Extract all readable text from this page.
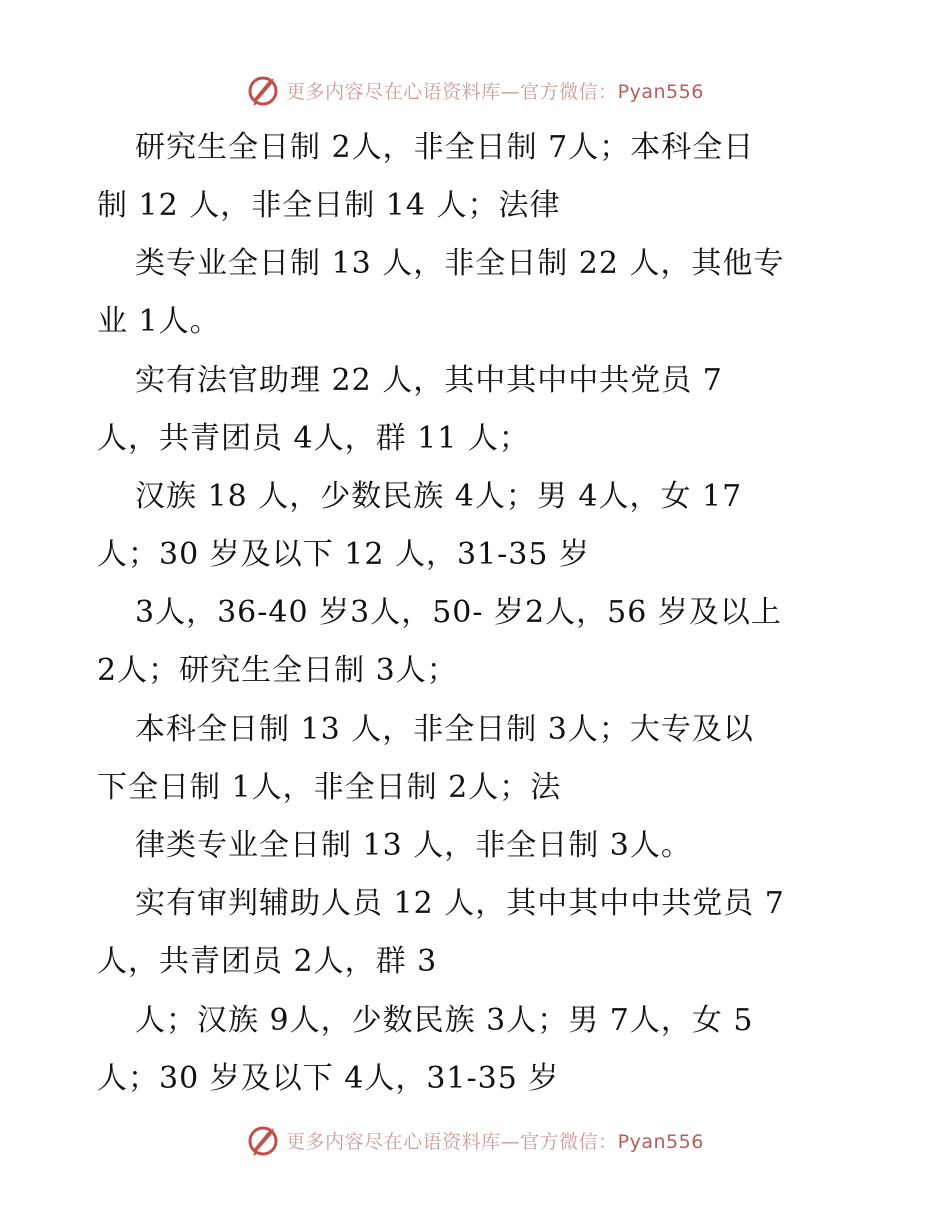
更多内容尽在心语资料库—官方微信：Pyan556
研究生全日制 2人，非全日制 7人；本科全日
制 12 人，非全日制 14 人；法律
类专业全日制 13 人，非全日制 22 人，其他专
业 1人。
实有法官助理 22 人，其中其中中共党员 7
人，共青团员 4人，群 11 人；
汉族 18 人，少数民族 4人；男 4人，女 17
人；30 岁及以下 12 人，31-35 岁
3人，36-40 岁3人，50- 岁2人，56 岁及以上
2人；研究生全日制 3人；
本科全日制 13 人，非全日制 3人；大专及以
下全日制 1人，非全日制 2人；法
律类专业全日制 13 人，非全日制 3人。
实有审判辅助人员 12 人，其中其中中共党员 7
人，共青团员 2人，群 3
人；汉族 9人，少数民族 3人；男 7人，女 5
人；30 岁及以下 4人，31-35 岁
更多内容尽在心语资料库—官方微信：Pyan556
